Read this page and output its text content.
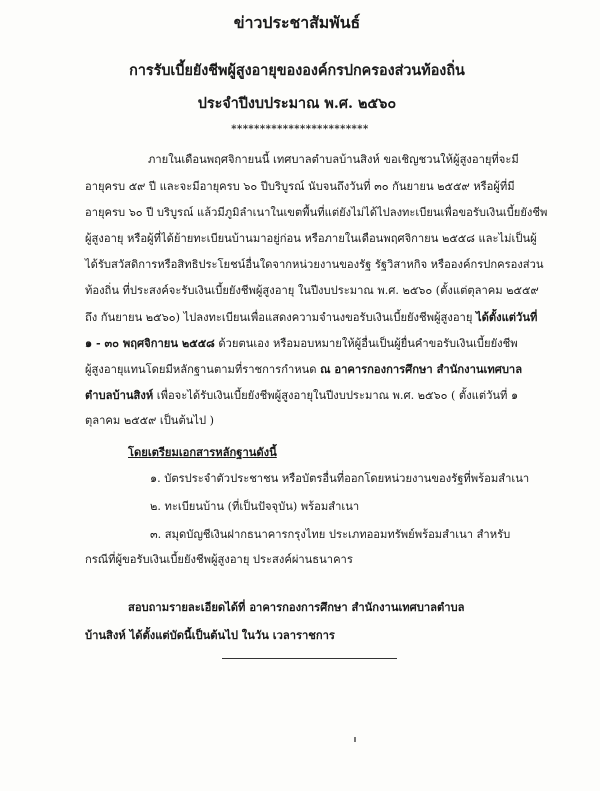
ข่าวประชาสัมพันธ์
การรับเบี้ยยังชีพผู้สูงอายุขององค์กรปกครองส่วนท้องถิ่น
ประจำปีงบประมาณ พ.ศ. ๒๕๖๐
************************
ภายในเดือนพฤศจิกายนนี้ เทศบาลตำบลบ้านสิงห์ ขอเชิญชวนให้ผู้สูงอายุที่จะมี
อายุครบ ๕๙ ปี และจะมีอายุครบ ๖๐ ปีบริบูรณ์ นับจนถึงวันที่ ๓๐ กันยายน ๒๕๕๙ หรือผู้ที่มี
อายุครบ ๖๐ ปี บริบูรณ์ แล้วมีภูมิลำเนาในเขตพื้นที่แต่ยังไม่ได้ไปลงทะเบียนเพื่อขอรับเงินเบี้ยยังชีพ
ผู้สูงอายุ หรือผู้ที่ได้ย้ายทะเบียนบ้านมาอยู่ก่อน หรือภายในเดือนพฤศจิกายน ๒๕๕๘ และไม่เป็นผู้
ได้รับสวัสดิการหรือสิทธิประโยชน์อื่นใดจากหน่วยงานของรัฐ รัฐวิสาหกิจ หรือองค์กรปกครองส่วน
ท้องถิ่น ที่ประสงค์จะรับเงินเบี้ยยังชีพผู้สูงอายุ ในปีงบประมาณ พ.ศ. ๒๕๖๐ (ตั้งแต่ตุลาคม ๒๕๕๙
ถึง กันยายน ๒๕๖๐) ไปลงทะเบียนเพื่อแสดงความจำนงขอรับเงินเบี้ยยังชีพผู้สูงอายุ ได้ตั้งแต่วันที่
๑ - ๓๐ พฤศจิกายน ๒๕๕๘ ด้วยตนเอง หรือมอบหมายให้ผู้อื่นเป็นผู้ยื่นคำขอรับเงินเบี้ยยังชีพ
ผู้สูงอายุแทนโดยมีหลักฐานตามที่ราชการกำหนด ณ อาคารกองการศึกษา สำนักงานเทศบาล
ตำบลบ้านสิงห์ เพื่อจะได้รับเงินเบี้ยยังชีพผู้สูงอายุในปีงบประมาณ พ.ศ. ๒๕๖๐ ( ตั้งแต่วันที่ ๑
ตุลาคม ๒๕๕๙ เป็นต้นไป )
โดยเตรียมเอกสารหลักฐานดังนี้
๑. บัตรประจำตัวประชาชน หรือบัตรอื่นที่ออกโดยหน่วยงานของรัฐที่พร้อมสำเนา
๒. ทะเบียนบ้าน (ที่เป็นปัจจุบัน) พร้อมสำเนา
๓. สมุดบัญชีเงินฝากธนาคารกรุงไทย ประเภทออมทรัพย์พร้อมสำเนา สำหรับ
กรณีที่ผู้ขอรับเงินเบี้ยยังชีพผู้สูงอายุ ประสงค์ผ่านธนาคาร
สอบถามรายละเอียดได้ที่ อาคารกองการศึกษา สำนักงานเทศบาลตำบล
บ้านสิงห์ ได้ตั้งแต่บัดนี้เป็นต้นไป ในวัน เวลาราชการ
